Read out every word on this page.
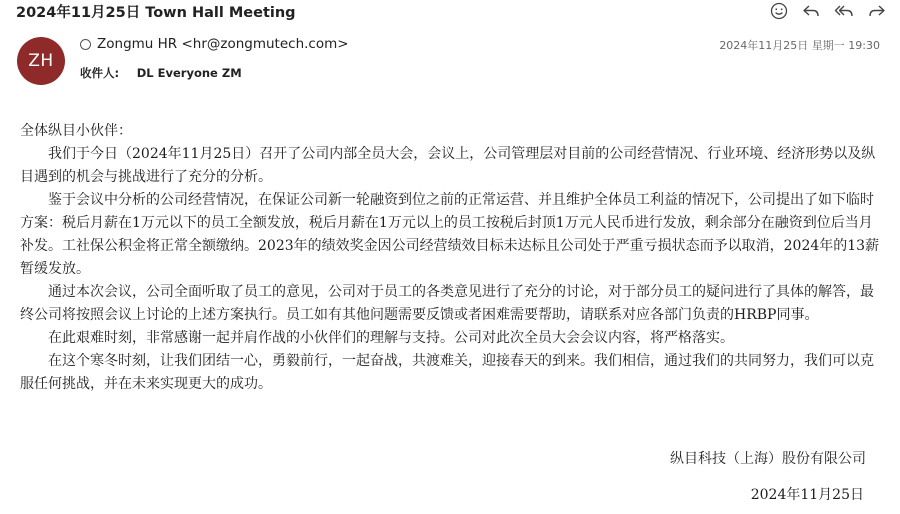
2024年11月25日 Town Hall Meeting
ZH
Zongmu HR <hr@zongmutech.com>
收件人: DL Everyone ZM
2024年11月25日 星期一 19:30

全体纵目小伙伴：

我们于今日（2024年11月25日）召开了公司内部全员大会，会议上，公司管理层对目前的公司经营情况、行业环境、经济形势以及纵目遇到的机会与挑战进行了充分的分析。

鉴于会议中分析的公司经营情况，在保证公司新一轮融资到位之前的正常运营、并且维护全体员工利益的情况下，公司提出了如下临时方案：税后月薪在1万元以下的员工全额发放，税后月薪在1万元以上的员工按税后封顶1万元人民币进行发放，剩余部分在融资到位后当月补发。工社保公积金将正常全额缴纳。2023年的绩效奖金因公司经营绩效目标未达标且公司处于严重亏损状态而予以取消，2024年的13薪暂缓发放。

通过本次会议，公司全面听取了员工的意见，公司对于员工的各类意见进行了充分的讨论，对于部分员工的疑问进行了具体的解答，最终公司将按照会议上讨论的上述方案执行。员工如有其他问题需要反馈或者困难需要帮助，请联系对应各部门负责的HRBP同事。

在此艰难时刻，非常感谢一起并肩作战的小伙伴们的理解与支持。公司对此次全员大会会议内容，将严格落实。

在这个寒冬时刻，让我们团结一心，勇毅前行，一起奋战，共渡难关，迎接春天的到来。我们相信，通过我们的共同努力，我们可以克服任何挑战，并在未来实现更大的成功。

纵目科技（上海）股份有限公司
2024年11月25日
